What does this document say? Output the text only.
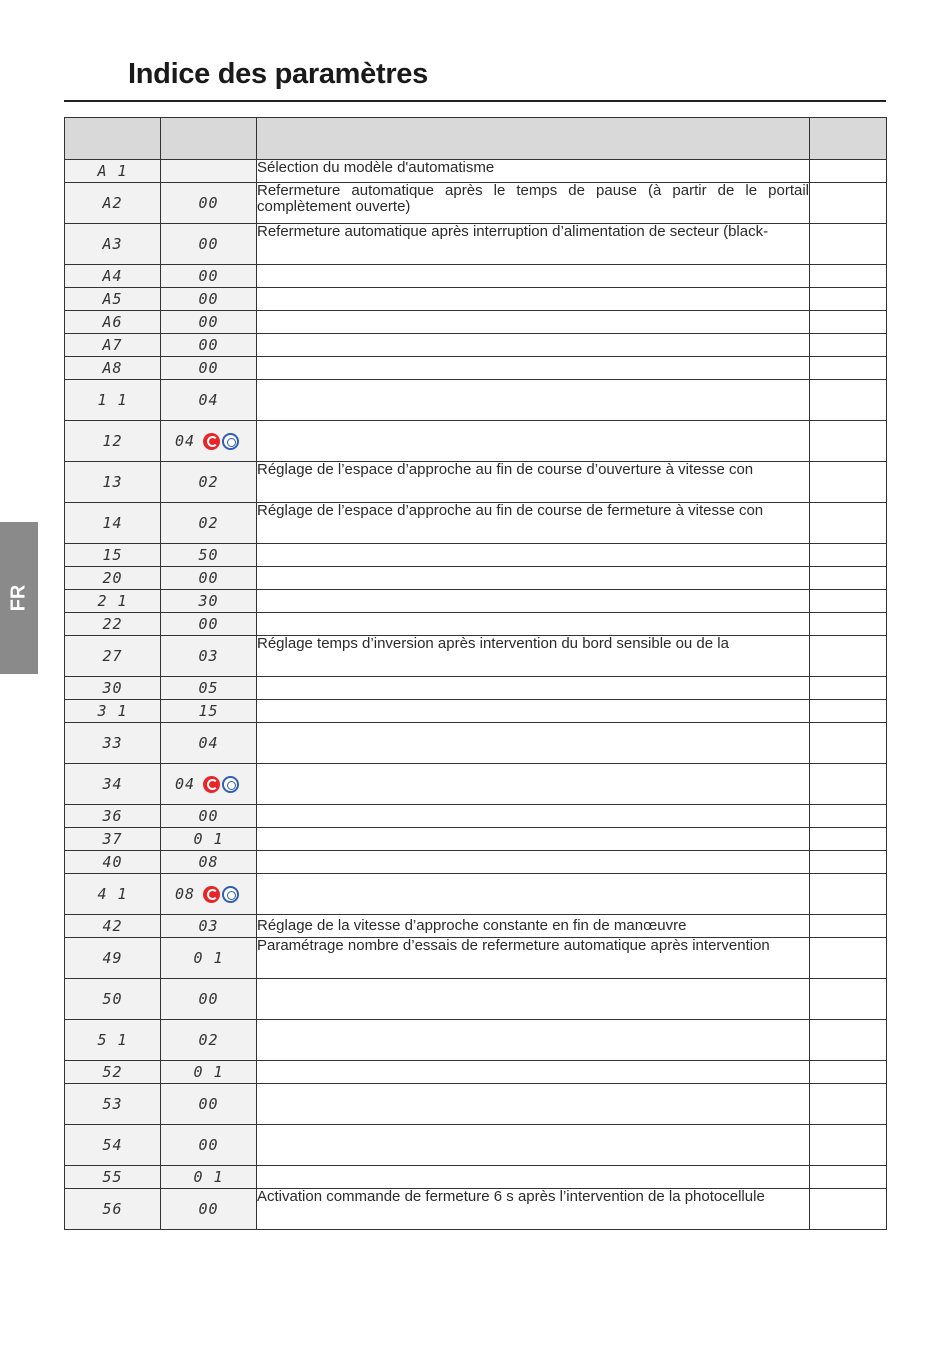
Indice des paramètres
FR

A 1		Sélection du modèle d'automatisme	
A2	00	Refermeture automatique après le temps de pause (à partir de le portail complètement ouverte)	
A3	00	Refermeture automatique après interruption d’alimentation de secteur (black-	
A4	00		
A5	00		
A6	00		
A7	00		
A8	00		
1 1	04		
12	04

13	02	Réglage de l’espace d’approche au fin de course d’ouverture à vitesse con	
14	02	Réglage de l’espace d’approche au fin de course de fermeture à vitesse con	
15	50		
20	00		
2 1	30		
22	00		
27	03	Réglage temps d’inversion après intervention du bord sensible ou de la	
30	05		
3 1	15		
33	04		
34	04

36	00		
37	0 1		
40	08		
4 1	08

42	03	Réglage de la vitesse d’approche constante en fin de manœuvre	
49	0 1	Paramétrage nombre d’essais de refermeture automatique après intervention	
50	00		
5 1	02		
52	0 1		
53	00		
54	00		
55	0 1		
56	00	Activation commande de fermeture 6 s après l’intervention de la photocellule	
